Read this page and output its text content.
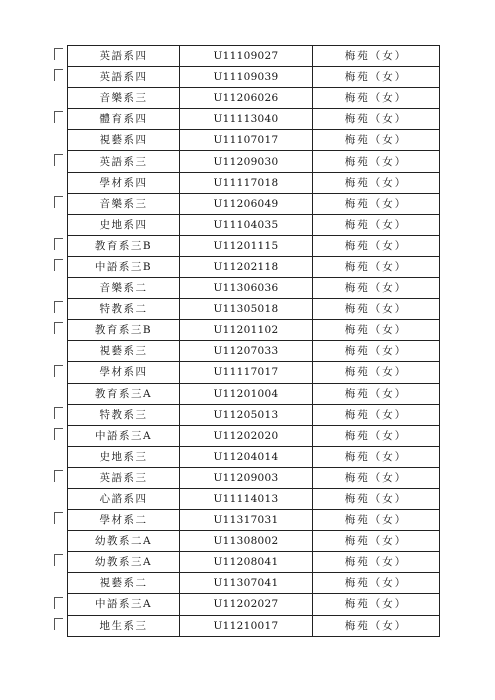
英語系四	U11109027	梅苑（女）
英語系四	U11109039	梅苑（女）
音樂系三	U11206026	梅苑（女）
體育系四	U11113040	梅苑（女）
視藝系四	U11107017	梅苑（女）
英語系三	U11209030	梅苑（女）
學材系四	U11117018	梅苑（女）
音樂系三	U11206049	梅苑（女）
史地系四	U11104035	梅苑（女）
教育系三B	U11201115	梅苑（女）
中語系三B	U11202118	梅苑（女）
音樂系二	U11306036	梅苑（女）
特教系二	U11305018	梅苑（女）
教育系三B	U11201102	梅苑（女）
視藝系三	U11207033	梅苑（女）
學材系四	U11117017	梅苑（女）
教育系三A	U11201004	梅苑（女）
特教系三	U11205013	梅苑（女）
中語系三A	U11202020	梅苑（女）
史地系三	U11204014	梅苑（女）
英語系三	U11209003	梅苑（女）
心諮系四	U11114013	梅苑（女）
學材系二	U11317031	梅苑（女）
幼教系二A	U11308002	梅苑（女）
幼教系三A	U11208041	梅苑（女）
視藝系二	U11307041	梅苑（女）
中語系三A	U11202027	梅苑（女）
地生系三	U11210017	梅苑（女）
